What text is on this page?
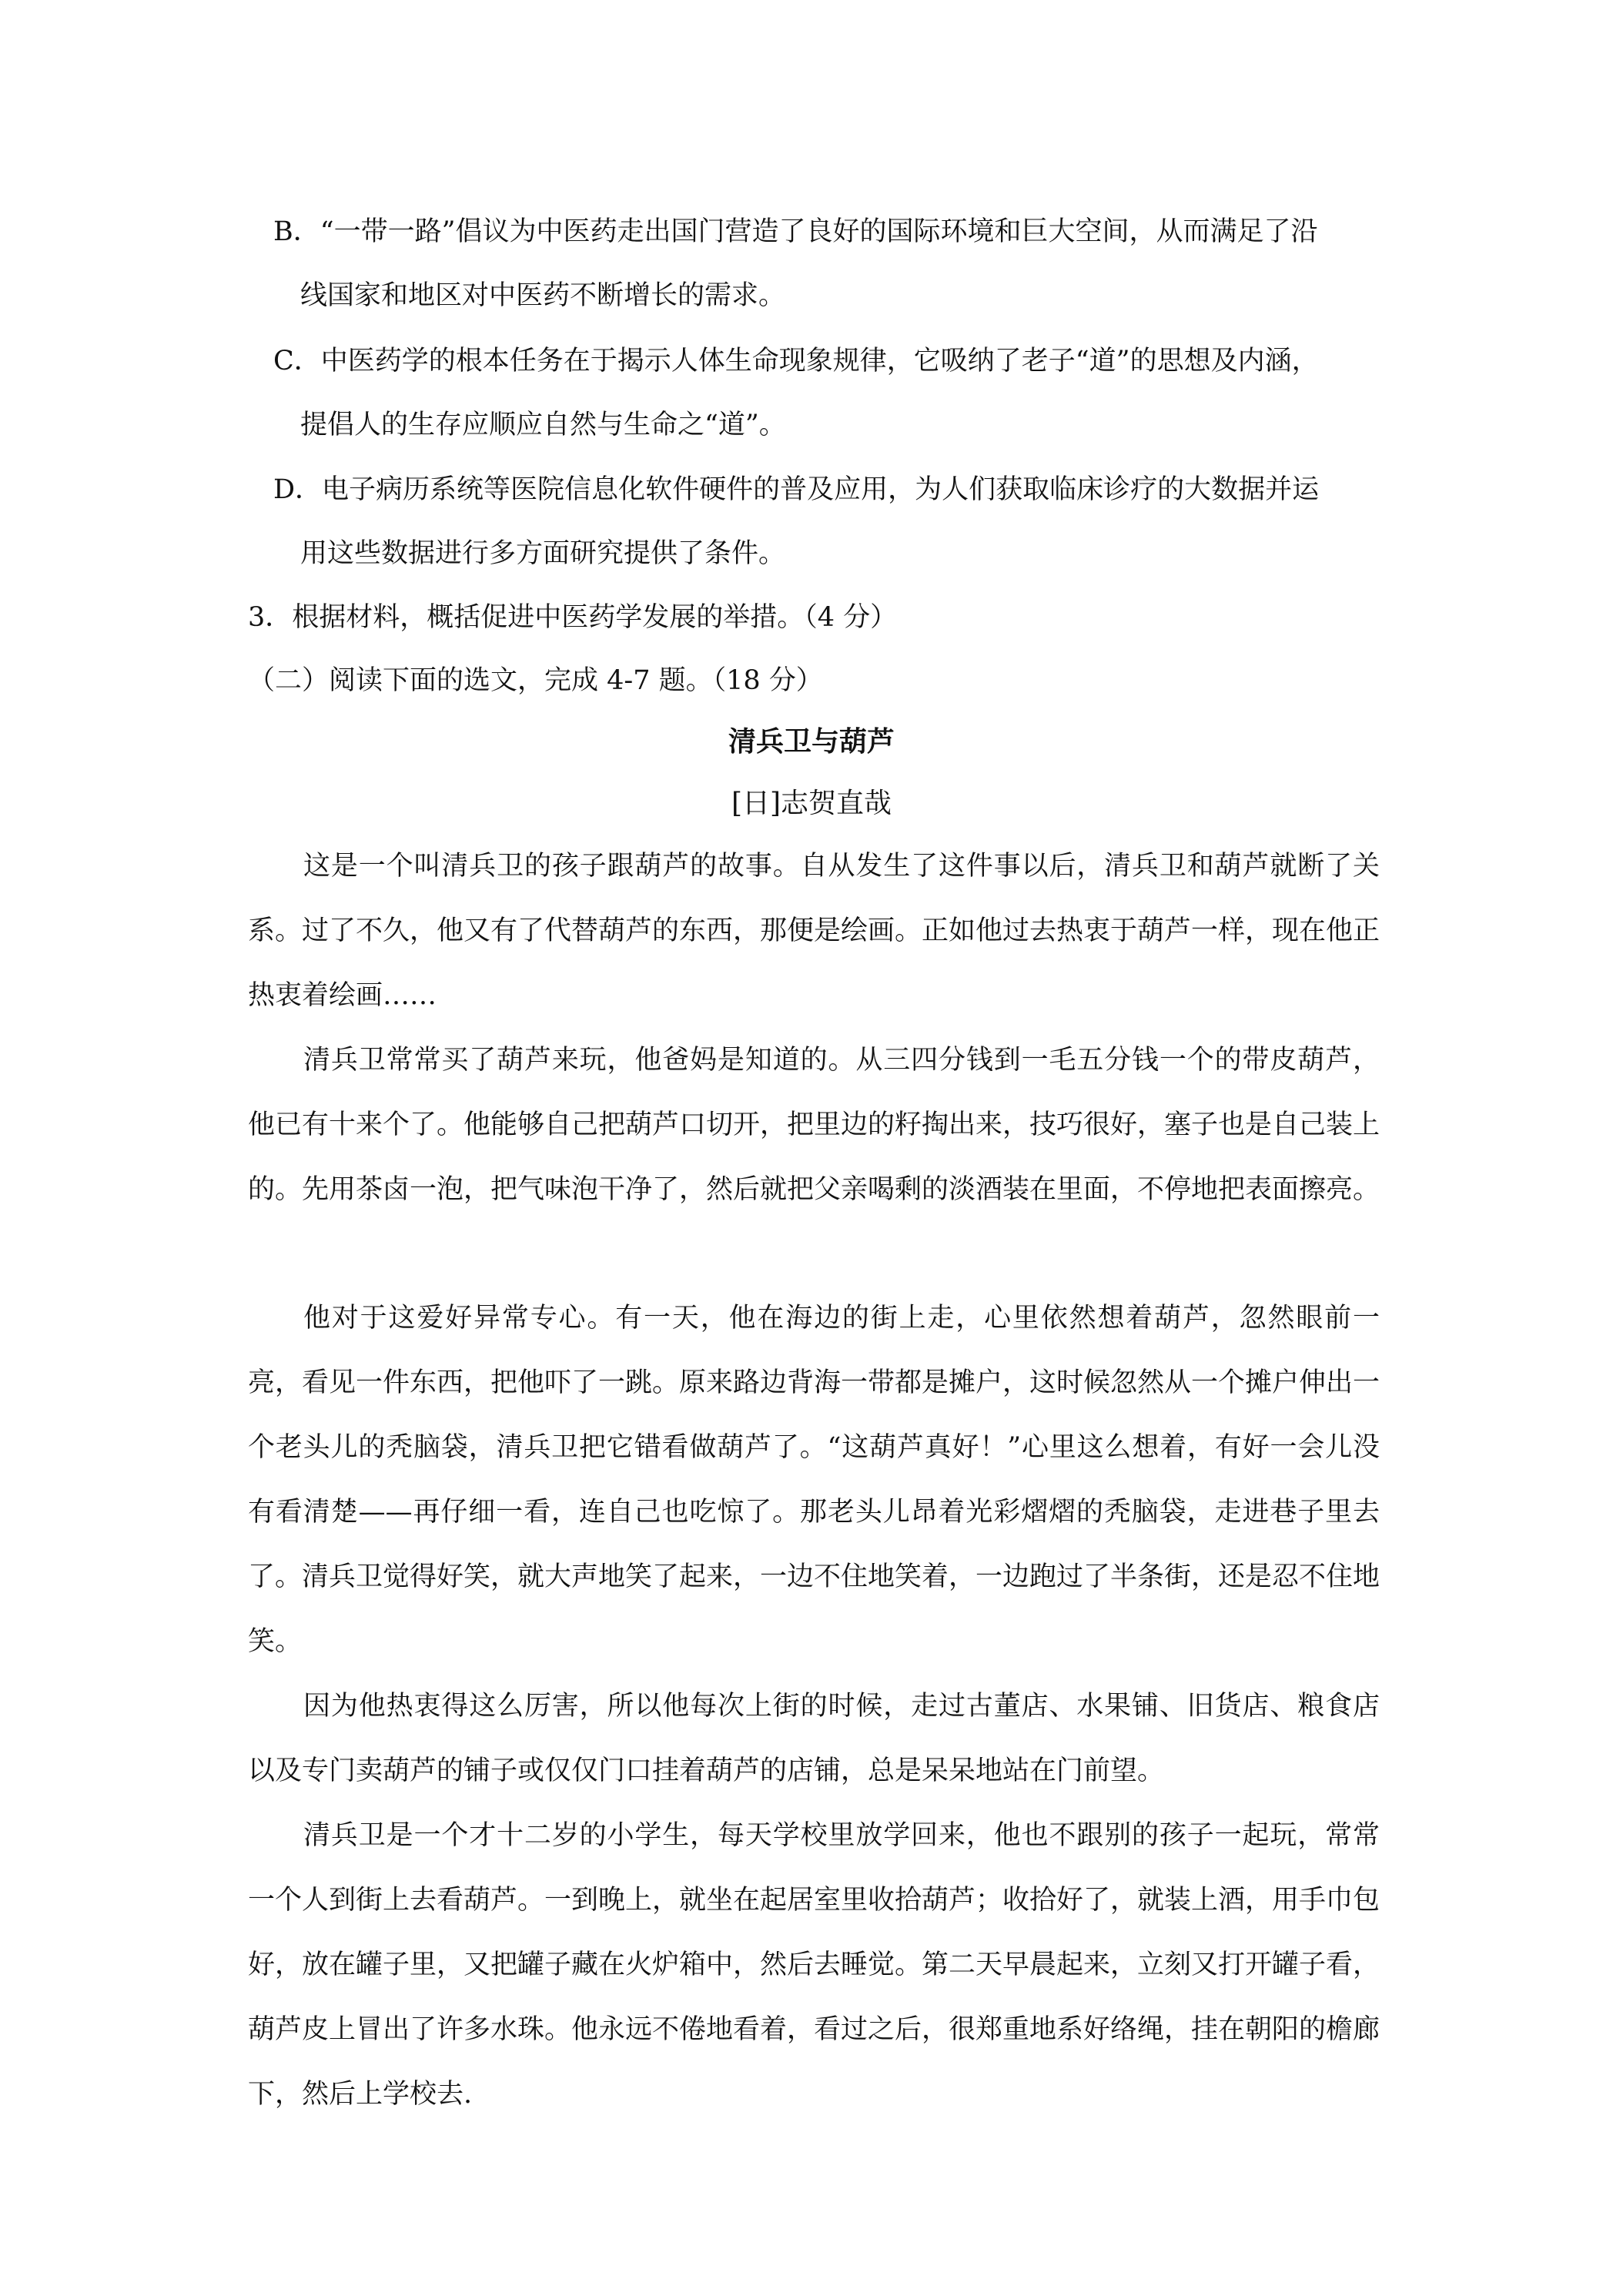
B．“一带一路”倡议为中医药走出国门营造了良好的国际环境和巨大空间，从而满足了沿
线国家和地区对中医药不断增长的需求。
C．中医药学的根本任务在于揭示人体生命现象规律，它吸纳了老子“道”的思想及内涵，
提倡人的生存应顺应自然与生命之“道”。
D．电子病历系统等医院信息化软件硬件的普及应用，为人们获取临床诊疗的大数据并运
用这些数据进行多方面研究提供了条件。
3．根据材料，概括促进中医药学发展的举措。（4 分）
（二）阅读下面的选文，完成 4-7 题。（18 分）
清兵卫与葫芦
[日]志贺直哉

这是一个叫清兵卫的孩子跟葫芦的故事。自从发生了这件事以后，清兵卫和葫芦就断了关系。过了不久，他又有了代替葫芦的东西，那便是绘画。正如他过去热衷于葫芦一样，现在他正热衷着绘画……

清兵卫常常买了葫芦来玩，他爸妈是知道的。从三四分钱到一毛五分钱一个的带皮葫芦，他已有十来个了。他能够自己把葫芦口切开，把里边的籽掏出来，技巧很好，塞子也是自己装上的。先用茶卤一泡，把气味泡干净了，然后就把父亲喝剩的淡酒装在里面，不停地把表面擦亮。

他对于这爱好异常专心。有一天，他在海边的街上走，心里依然想着葫芦，忽然眼前一亮，看见一件东西，把他吓了一跳。原来路边背海一带都是摊户，这时候忽然从一个摊户伸出一个老头儿的秃脑袋，清兵卫把它错看做葫芦了。“这葫芦真好！”心里这么想着，有好一会儿没有看清楚——再仔细一看，连自己也吃惊了。那老头儿昂着光彩熠熠的秃脑袋，走进巷子里去了。清兵卫觉得好笑，就大声地笑了起来，一边不住地笑着，一边跑过了半条街，还是忍不住地笑。

因为他热衷得这么厉害，所以他每次上街的时候，走过古董店、水果铺、旧货店、粮食店以及专门卖葫芦的铺子或仅仅门口挂着葫芦的店铺，总是呆呆地站在门前望。

清兵卫是一个才十二岁的小学生，每天学校里放学回来，他也不跟别的孩子一起玩，常常一个人到街上去看葫芦。一到晚上，就坐在起居室里收拾葫芦；收拾好了，就装上酒，用手巾包好，放在罐子里，又把罐子藏在火炉箱中，然后去睡觉。第二天早晨起来，立刻又打开罐子看，葫芦皮上冒出了许多水珠。他永远不倦地看着，看过之后，很郑重地系好络绳，挂在朝阳的檐廊下，然后上学校去.
